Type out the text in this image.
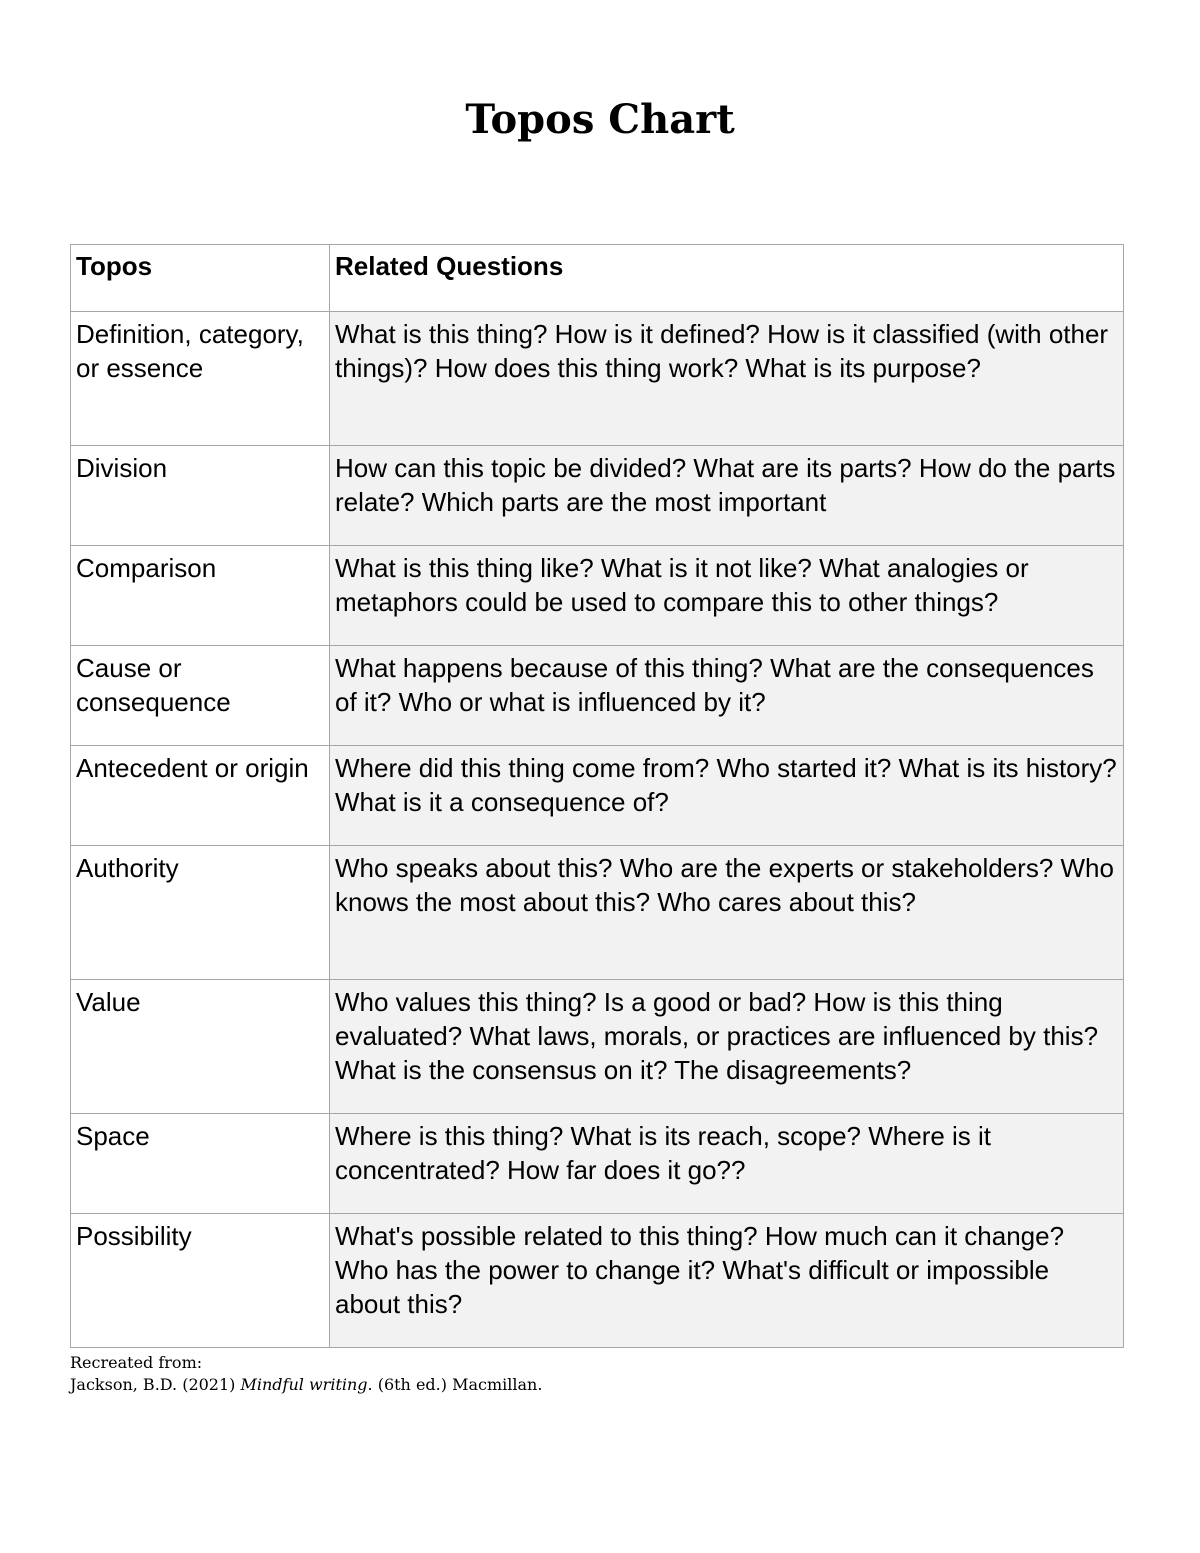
Topos Chart
Topos	Related Questions
Definition, category, or essence	What is this thing? How is it defined? How is it classified (with other things)? How does this thing work? What is its purpose?
Division	How can this topic be divided? What are its parts? How do the parts relate? Which parts are the most important
Comparison	What is this thing like? What is it not like? What analogies or metaphors could be used to compare this to other things?
Cause or consequence	What happens because of this thing? What are the consequences of it? Who or what is influenced by it?
Antecedent or origin	Where did this thing come from? Who started it? What is its history? What is it a consequence of?
Authority	Who speaks about this? Who are the experts or stakeholders? Who knows the most about this? Who cares about this?
Value	Who values this thing? Is a good or bad? How is this thing evaluated? What laws, morals, or practices are influenced by this? What is the consensus on it? The disagreements?
Space	Where is this thing? What is its reach, scope? Where is it concentrated? How far does it go??
Possibility	What's possible related to this thing? How much can it change? Who has the power to change it? What's difficult or impossible about this?
Recreated from:
Jackson, B.D. (2021) Mindful writing. (6th ed.) Macmillan.
